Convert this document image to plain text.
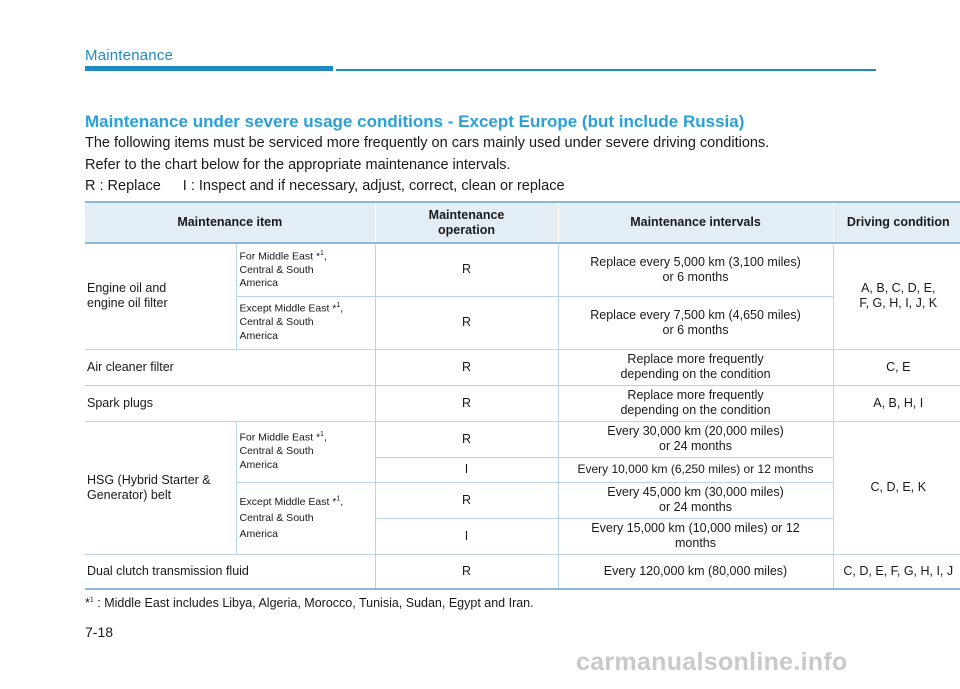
Maintenance
Maintenance under severe usage conditions - Except Europe (but include Russia)
The following items must be serviced more frequently on cars mainly used under severe driving conditions.
Refer to the chart below for the appropriate maintenance intervals.
R : Replace I : Inspect and if necessary, adjust, correct, clean or replace
Maintenance item		Maintenance
operation	Maintenance intervals	Driving condition

Engine oil and
engine oil filter	For Middle East *$^1$,
Central & South
America	R	Replace every 5,000 km (3,100 miles)
or 6 months	A, B, C, D, E,
F, G, H, I, J, K

	Except Middle East *$^1$,
Central & South
America	R	Replace every 7,500 km (4,650 miles)
or 6 months	

Air cleaner filter		R	Replace more frequently
depending on the condition	C, E
Spark plugs		R	Replace more frequently
depending on the condition	A, B, H, I

HSG (Hybrid Starter &
Generator) belt	For Middle East *$^1$,
Central & South
America	R	Every 30,000 km (20,000 miles)
or 24 months	C, D, E, K
		I	Every 10,000 km (6,250 miles) or 12 months	

	Except Middle East *$^1$,
Central & South
America	R	Every 45,000 km (30,000 miles)
or 24 months	

		I	Every 15,000 km (10,000 miles) or 12
months	

Dual clutch transmission fluid		R	Every 120,000 km (80,000 miles)	C, D, E, F, G, H, I, J
*$^1$ : Middle East includes Libya, Algeria, Morocco, Tunisia, Sudan, Egypt and Iran.
7-18
carmanualsonline.info
